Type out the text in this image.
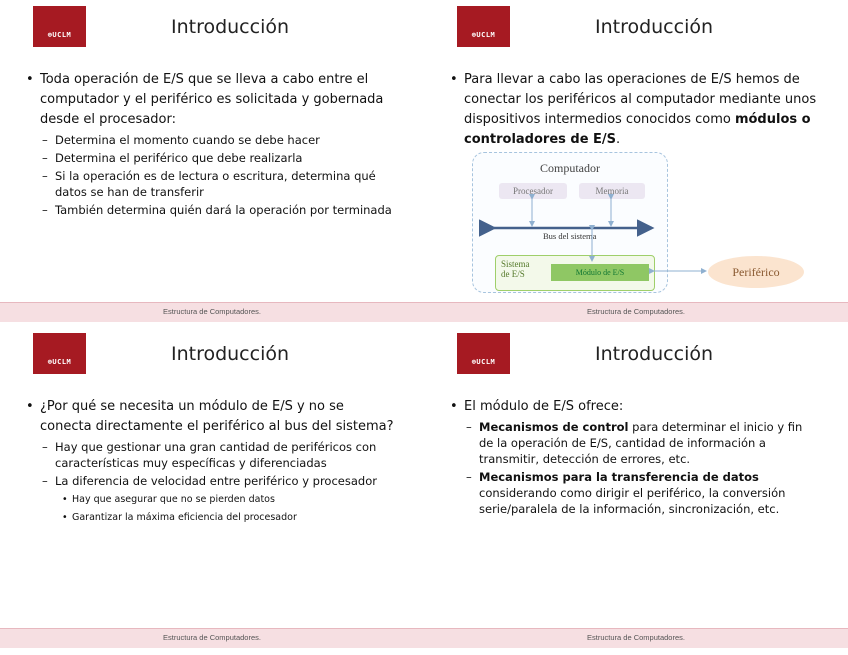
⊕UCLM	Introducción
• Toda operación de E/S que se lleva a cabo entre el computador y el periférico es solicitada y gobernada desde el procesador:
– Determina el momento cuando se debe hacer
– Determina el periférico que debe realizarla
– Si la operación es de lectura o escritura, determina qué datos se han de transferir
– También determina quién dará la operación por terminada
Estructura de Computadores.
⊕UCLM	Introducción
• Para llevar a cabo las operaciones de E/S hemos de conectar los periféricos al computador mediante unos dispositivos intermedios conocidos como módulos o controladores de E/S.
Estructura de Computadores.
Computador
Procesador	Memoria
Bus del sistema
Sistema
de E/S	Módulo de E/S	Periférico
⊕UCLM	Introducción
• ¿Por qué se necesita un módulo de E/S y no se conecta directamente el periférico al bus del sistema?
– Hay que gestionar una gran cantidad de periféricos con características muy específicas y diferenciadas
– La diferencia de velocidad entre periférico y procesador
• Hay que asegurar que no se pierden datos
• Garantizar la máxima eficiencia del procesador
Estructura de Computadores.
⊕UCLM	Introducción
• El módulo de E/S ofrece:
– Mecanismos de control para determinar el inicio y fin de la operación de E/S, cantidad de información a transmitir, detección de errores, etc.
– Mecanismos para la transferencia de datos considerando como dirigir el periférico, la conversión serie/paralela de la información, sincronización, etc.
Estructura de Computadores.
